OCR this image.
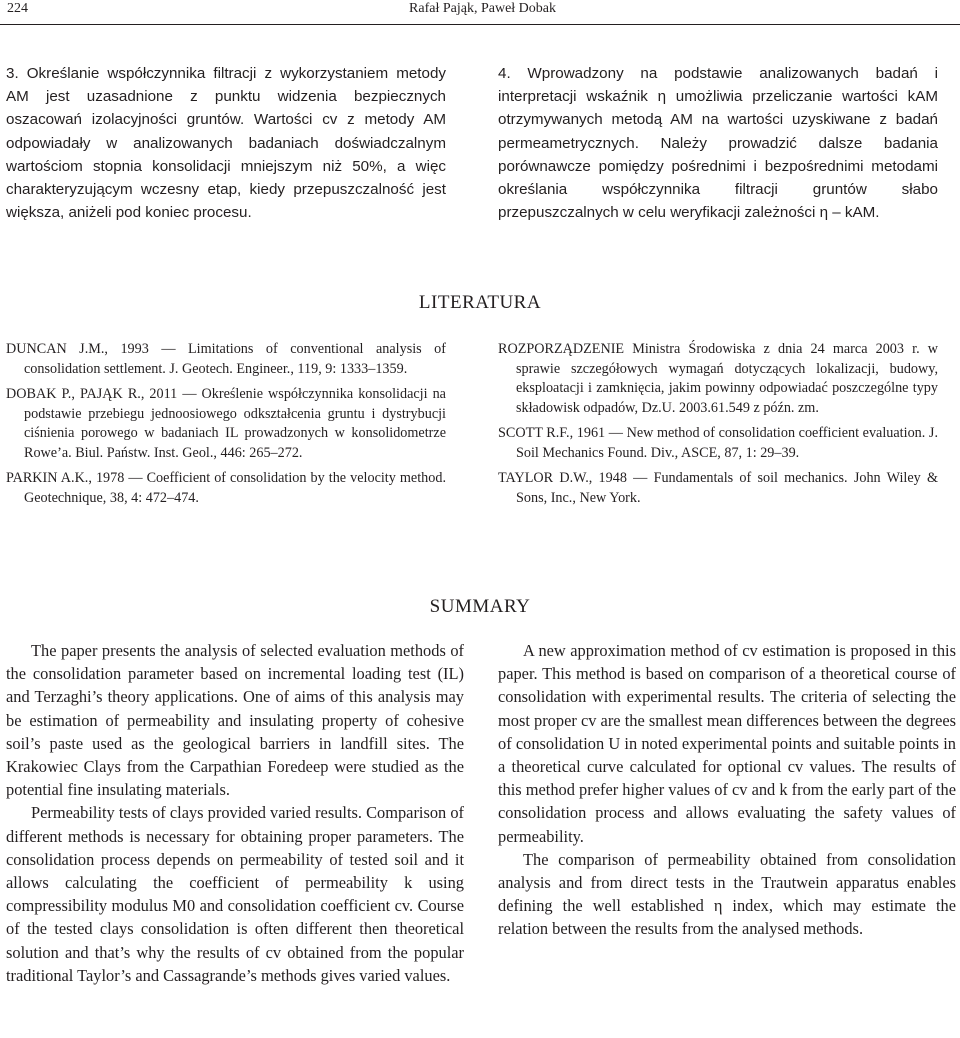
224	Rafał Pająk, Paweł Dobak

3. Określanie współczynnika filtracji z wykorzystaniem metody AM jest uzasadnione z punktu widzenia bezpiecznych oszacowań izolacyjności gruntów. Wartości cv z metody AM odpowiadały w analizowanych badaniach doświadczalnym wartościom stopnia konsolidacji mniejszym niż 50%, a więc charakteryzującym wczesny etap, kiedy przepuszczalność jest większa, aniżeli pod koniec procesu.

4. Wprowadzony na podstawie analizowanych badań i interpretacji wskaźnik η umożliwia przeliczanie wartości kAM otrzymywanych metodą AM na wartości uzyskiwane z badań permeametrycznych. Należy prowadzić dalsze badania porównawcze pomiędzy pośrednimi i bezpośrednimi metodami określania współczynnika filtracji gruntów słabo przepuszczalnych w celu weryfikacji zależności η – kAM.

LITERATURA

DUNCAN J.M., 1993 — Limitations of conventional analysis of consolidation settlement. J. Geotech. Engineer., 119, 9: 1333–1359.

DOBAK P., PAJĄK R., 2011 — Określenie współczynnika konsolidacji na podstawie przebiegu jednoosiowego odkształcenia gruntu i dystrybucji ciśnienia porowego w badaniach IL prowadzonych w konsolidometrze Rowe’a. Biul. Państw. Inst. Geol., 446: 265–272.

PARKIN A.K., 1978 — Coefficient of consolidation by the velocity method. Geotechnique, 38, 4: 472–474.

ROZPORZĄDZENIE Ministra Środowiska z dnia 24 marca 2003 r. w sprawie szczegółowych wymagań dotyczących lokalizacji, budowy, eksploatacji i zamknięcia, jakim powinny odpowiadać poszczególne typy składowisk odpadów, Dz.U. 2003.61.549 z późn. zm.

SCOTT R.F., 1961 — New method of consolidation coefficient evaluation. J. Soil Mechanics Found. Div., ASCE, 87, 1: 29–39.

TAYLOR D.W., 1948 — Fundamentals of soil mechanics. John Wiley & Sons, Inc., New York.

SUMMARY

The paper presents the analysis of selected evaluation methods of the consolidation parameter based on incremental loading test (IL) and Terzaghi’s theory applications. One of aims of this analysis may be estimation of permeability and insulating property of cohesive soil’s paste used as the geological barriers in landfill sites. The Krakowiec Clays from the Carpathian Foredeep were studied as the potential fine insulating materials.

Permeability tests of clays provided varied results. Comparison of different methods is necessary for obtaining proper parameters. The consolidation process depends on permeability of tested soil and it allows calculating the coefficient of permeability k using compressibility modulus M0 and consolidation coefficient cv. Course of the tested clays consolidation is often different then theoretical solution and that’s why the results of cv obtained from the popular traditional Taylor’s and Cassagrande’s methods gives varied values.

A new approximation method of cv estimation is proposed in this paper. This method is based on comparison of a theoretical course of consolidation with experimental results. The criteria of selecting the most proper cv are the smallest mean differences between the degrees of consolidation U in noted experimental points and suitable points in a theoretical curve calculated for optional cv values. The results of this method prefer higher values of cv and k from the early part of the consolidation process and allows evaluating the safety values of permeability.

The comparison of permeability obtained from consolidation analysis and from direct tests in the Trautwein apparatus enables defining the well established η index, which may estimate the relation between the results from the analysed methods.
